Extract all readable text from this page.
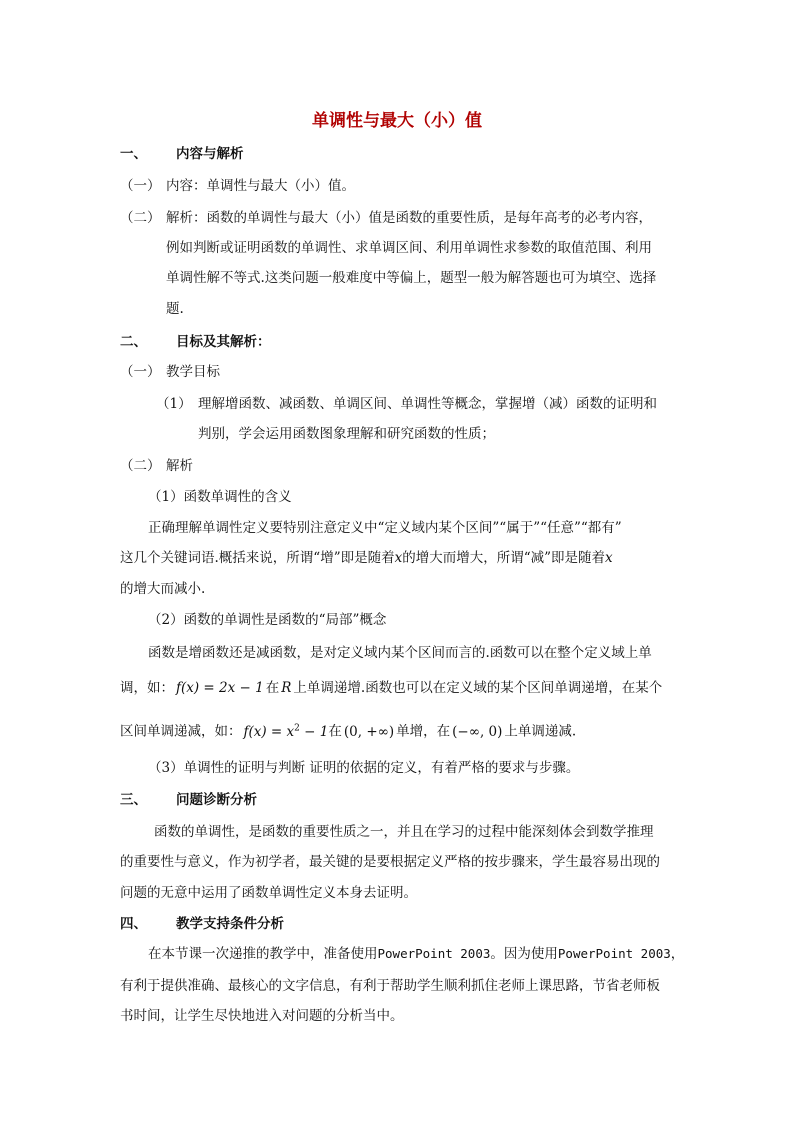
单调性与最大（小）值
一、 内容与解析
（一） 内容：单调性与最大（小）值。
（二） 解析：函数的单调性与最大（小）值是函数的重要性质，是每年高考的必考内容，
例如判断或证明函数的单调性、求单调区间、利用单调性求参数的取值范围、利用
单调性解不等式.这类问题一般难度中等偏上，题型一般为解答题也可为填空、选择
题.
二、 目标及其解析：
（一） 教学目标
（1） 理解增函数、减函数、单调区间、单调性等概念，掌握增（减）函数的证明和
判别，学会运用函数图象理解和研究函数的性质；
（二） 解析
（1）函数单调性的含义
正确理解单调性定义要特别注意定义中“定义域内某个区间”“属于”“任意”“都有”
这几个关键词语.概括来说，所谓“增”即是随着x的增大而增大，所谓“减”即是随着x
的增大而减小.
（2）函数的单调性是函数的“局部”概念
函数是增函数还是减函数，是对定义域内某个区间而言的.函数可以在整个定义域上单
调，如： f(x) = 2x − 1 在 R 上单调递增.函数也可以在定义域的某个区间单调递增，在某个
区间单调递减，如： $f(x) = x^2 - 1$在 (0, +∞) 单增，在 (−∞, 0) 上单调递减.
（3）单调性的证明与判断 证明的依据的定义，有着严格的要求与步骤。
三、 问题诊断分析
函数的单调性，是函数的重要性质之一，并且在学习的过程中能深刻体会到数学推理
的重要性与意义，作为初学者，最关键的是要根据定义严格的按步骤来，学生最容易出现的
问题的无意中运用了函数单调性定义本身去证明。
四、 教学支持条件分析
在本节课一次递推的教学中，准备使用PowerPoint 2003。因为使用PowerPoint 2003，
有利于提供准确、最核心的文字信息，有利于帮助学生顺利抓住老师上课思路，节省老师板
书时间，让学生尽快地进入对问题的分析当中。
